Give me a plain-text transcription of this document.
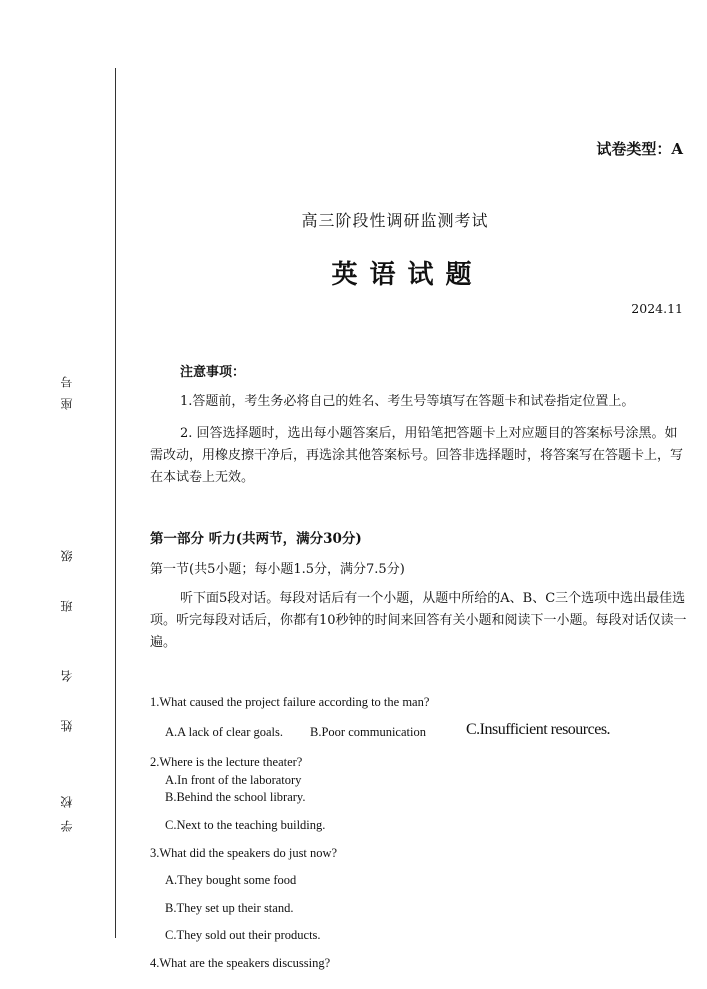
座号
班级
姓名
学校
试卷类型：A
高三阶段性调研监测考试
英语试题
2024.11
注意事项：
1.答题前，考生务必将自己的姓名、考生号等填写在答题卡和试卷指定位置上。
2. 回答选择题时，选出每小题答案后，用铅笔把答题卡上对应题目的答案标号涂黑。如需改动，用橡皮擦干净后，再选涂其他答案标号。回答非选择题时，将答案写在答题卡上，写在本试卷上无效。
第一部分 听力(共两节，满分30分)
第一节(共5小题；每小题1.5分，满分7.5分)
听下面5段对话。每段对话后有一个小题，从题中所给的A、B、C三个选项中选出最佳选项。听完每段对话后，你都有10秒钟的时间来回答有关小题和阅读下一小题。每段对话仅读一遍。
1.What caused the project failure according to the man?
A.A lack of clear goals. B.Poor communication	C.Insufficient resources.
2.Where is the lecture theater?
A.In front of the laboratory
B.Behind the school library.
C.Next to the teaching building.
3.What did the speakers do just now?
A.They bought some food
B.They set up their stand.
C.They sold out their products.
4.What are the speakers discussing?
